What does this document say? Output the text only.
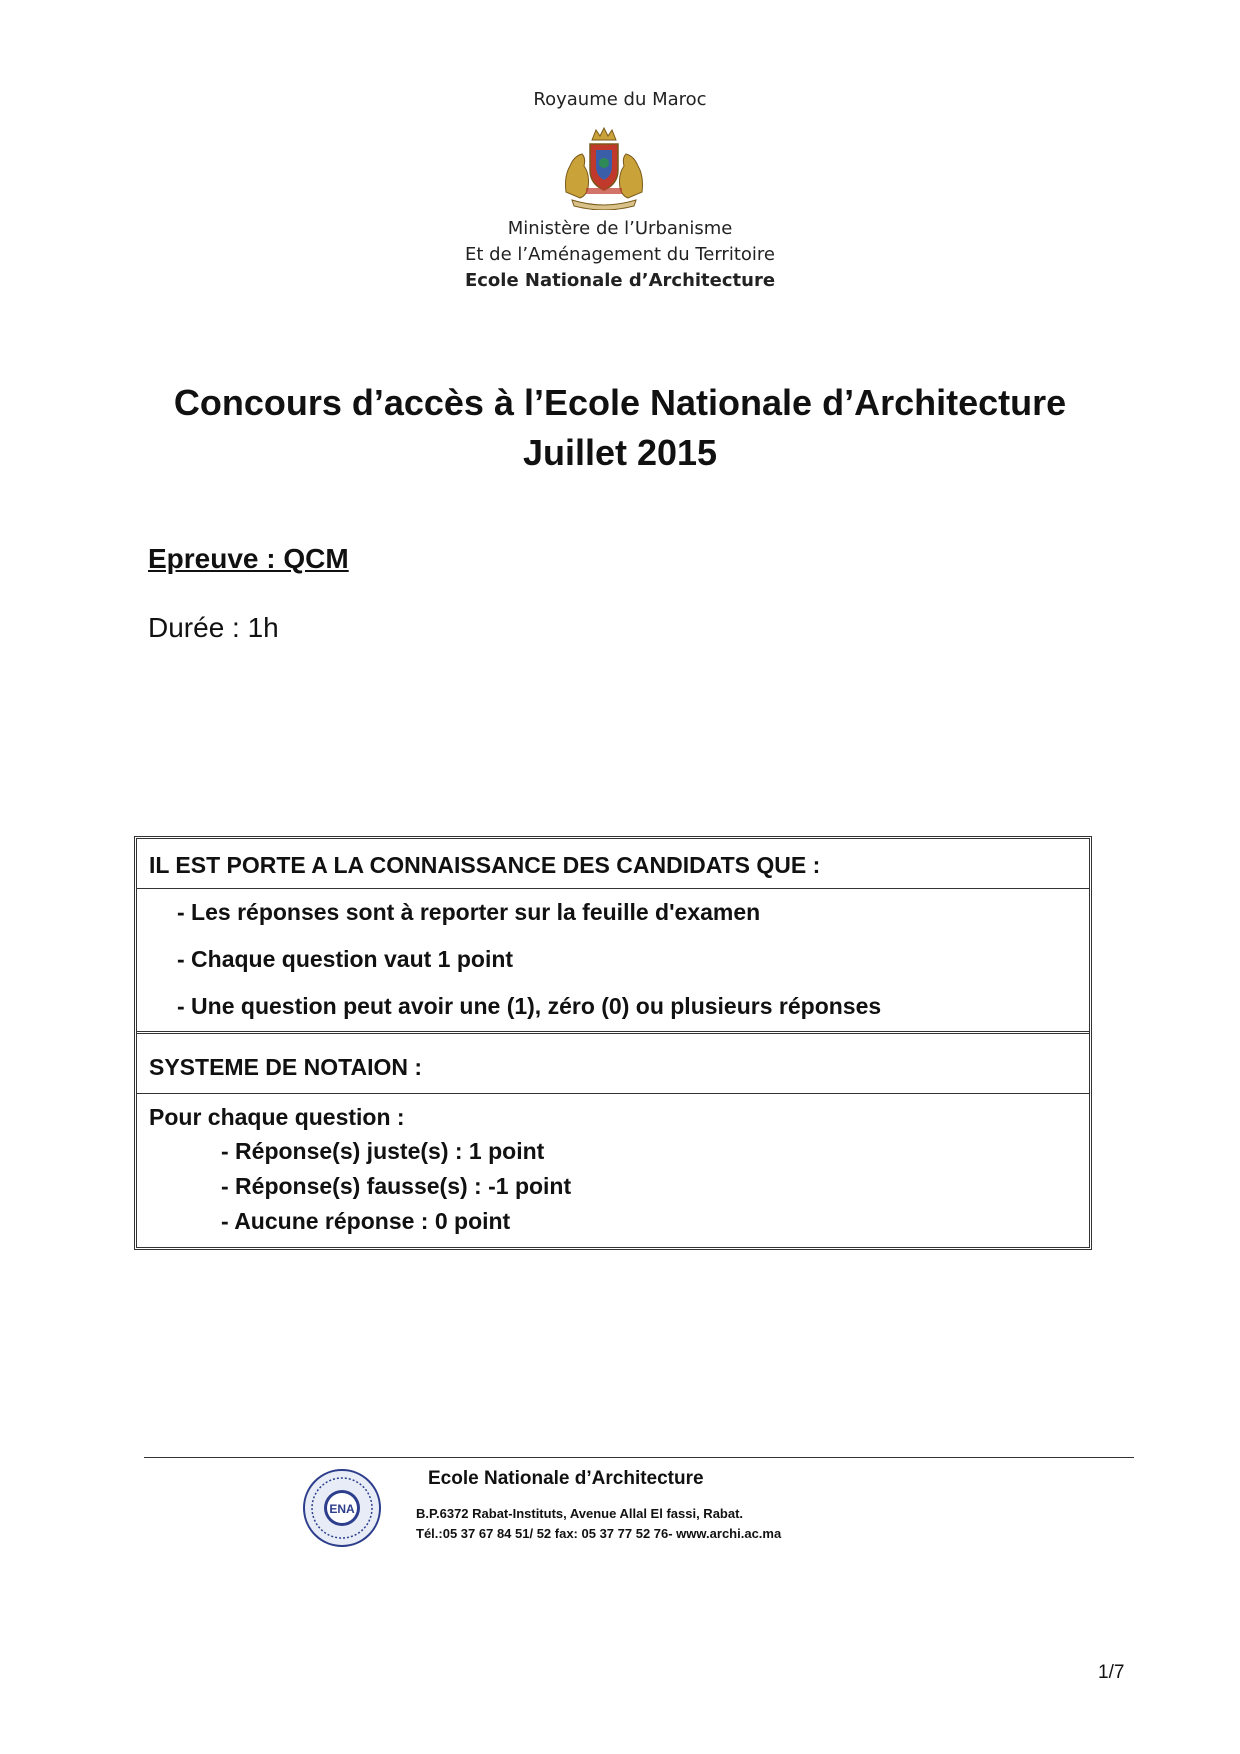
Royaume du Maroc
Ministère de l’Urbanisme
Et de l’Aménagement du Territoire
Ecole Nationale d’Architecture
Concours d’accès à l’Ecole Nationale d’Architecture
Juillet 2015
Epreuve : QCM
Durée : 1h
IL EST PORTE A LA CONNAISSANCE DES CANDIDATS QUE :
- Les réponses sont à reporter sur la feuille d'examen
- Chaque question vaut 1 point
- Une question peut avoir une (1), zéro (0) ou plusieurs réponses
SYSTEME DE NOTAION :
Pour chaque question :
- Réponse(s) juste(s) : 1 point
- Réponse(s) fausse(s) : -1 point
- Aucune réponse : 0 point
ENA
Ecole Nationale d’Architecture
B.P.6372 Rabat-Instituts, Avenue Allal El fassi, Rabat.
Tél.:05 37 67 84 51/ 52 fax: 05 37 77 52 76- www.archi.ac.ma
1/7
